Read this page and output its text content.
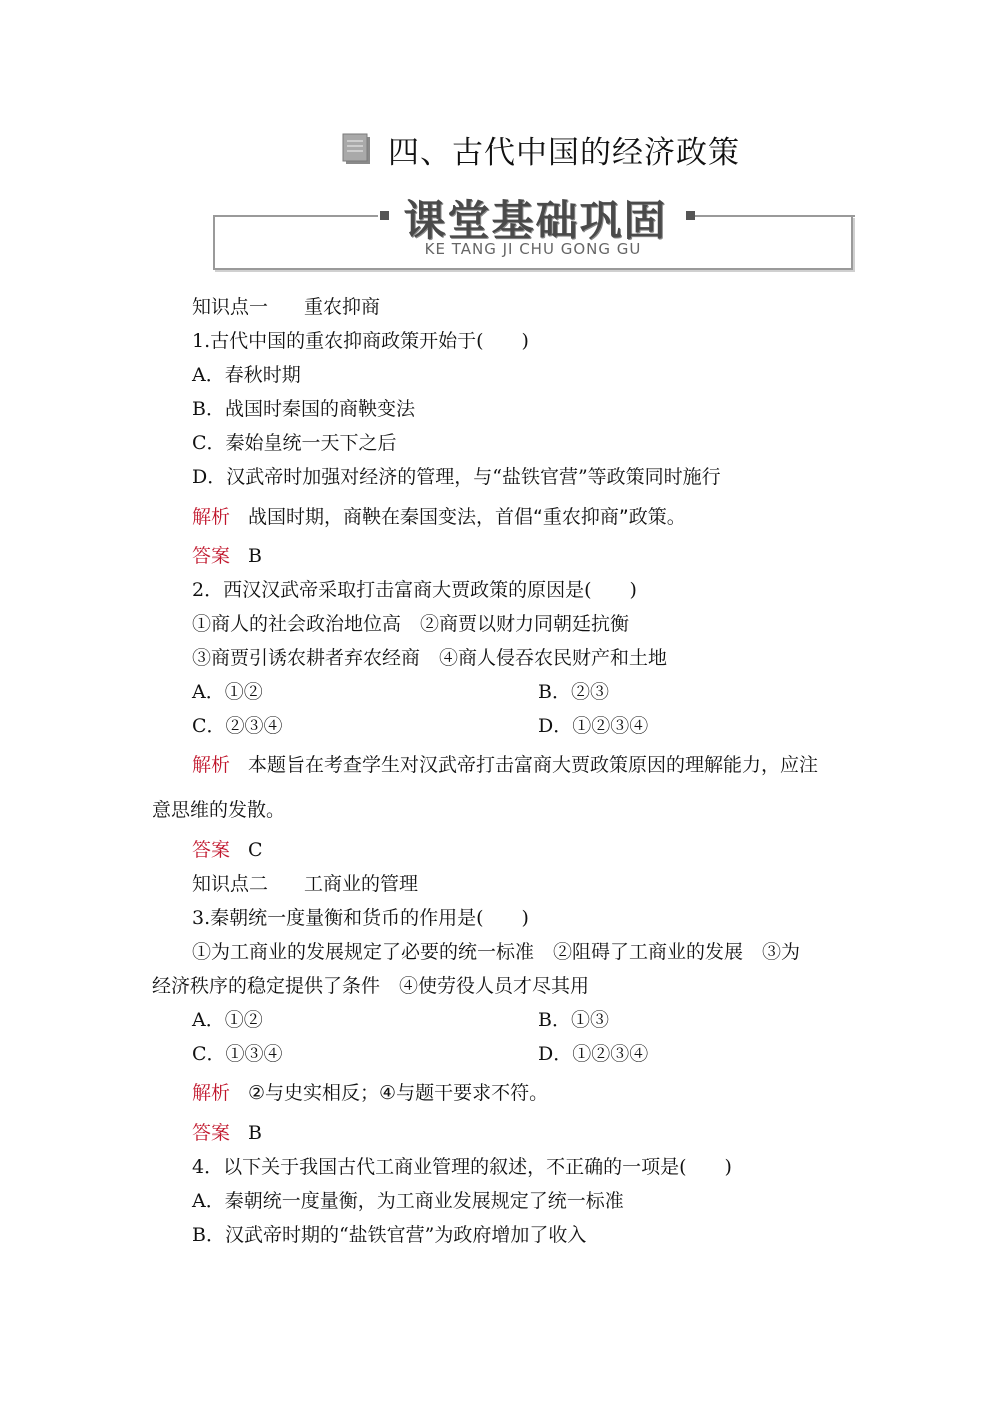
四、古代中国的经济政策
课堂基础巩固
KE TANG JI CHU GONG GU
知识点一 重农抑商
1.古代中国的重农抑商政策开始于(　　)
A．春秋时期
B．战国时秦国的商鞅变法
C．秦始皇统一天下之后
D．汉武帝时加强对经济的管理，与“盐铁官营”等政策同时施行
解析 战国时期，商鞅在秦国变法，首倡“重农抑商”政策。
答案 B
2．西汉汉武帝采取打击富商大贾政策的原因是(　　)
①商人的社会政治地位高　②商贾以财力同朝廷抗衡
③商贾引诱农耕者弃农经商　④商人侵吞农民财产和土地
A．①②	B．②③
C．②③④	D．①②③④
解析 本题旨在考查学生对汉武帝打击富商大贾政策原因的理解能力，应注
意思维的发散。
答案 C
知识点二 工商业的管理
3.秦朝统一度量衡和货币的作用是(　　)
①为工商业的发展规定了必要的统一标准　②阻碍了工商业的发展　③为
经济秩序的稳定提供了条件　④使劳役人员才尽其用
A．①②	B．①③
C．①③④	D．①②③④
解析 ②与史实相反；④与题干要求不符。
答案 B
4．以下关于我国古代工商业管理的叙述，不正确的一项是(　　)
A．秦朝统一度量衡，为工商业发展规定了统一标准
B．汉武帝时期的“盐铁官营”为政府增加了收入
